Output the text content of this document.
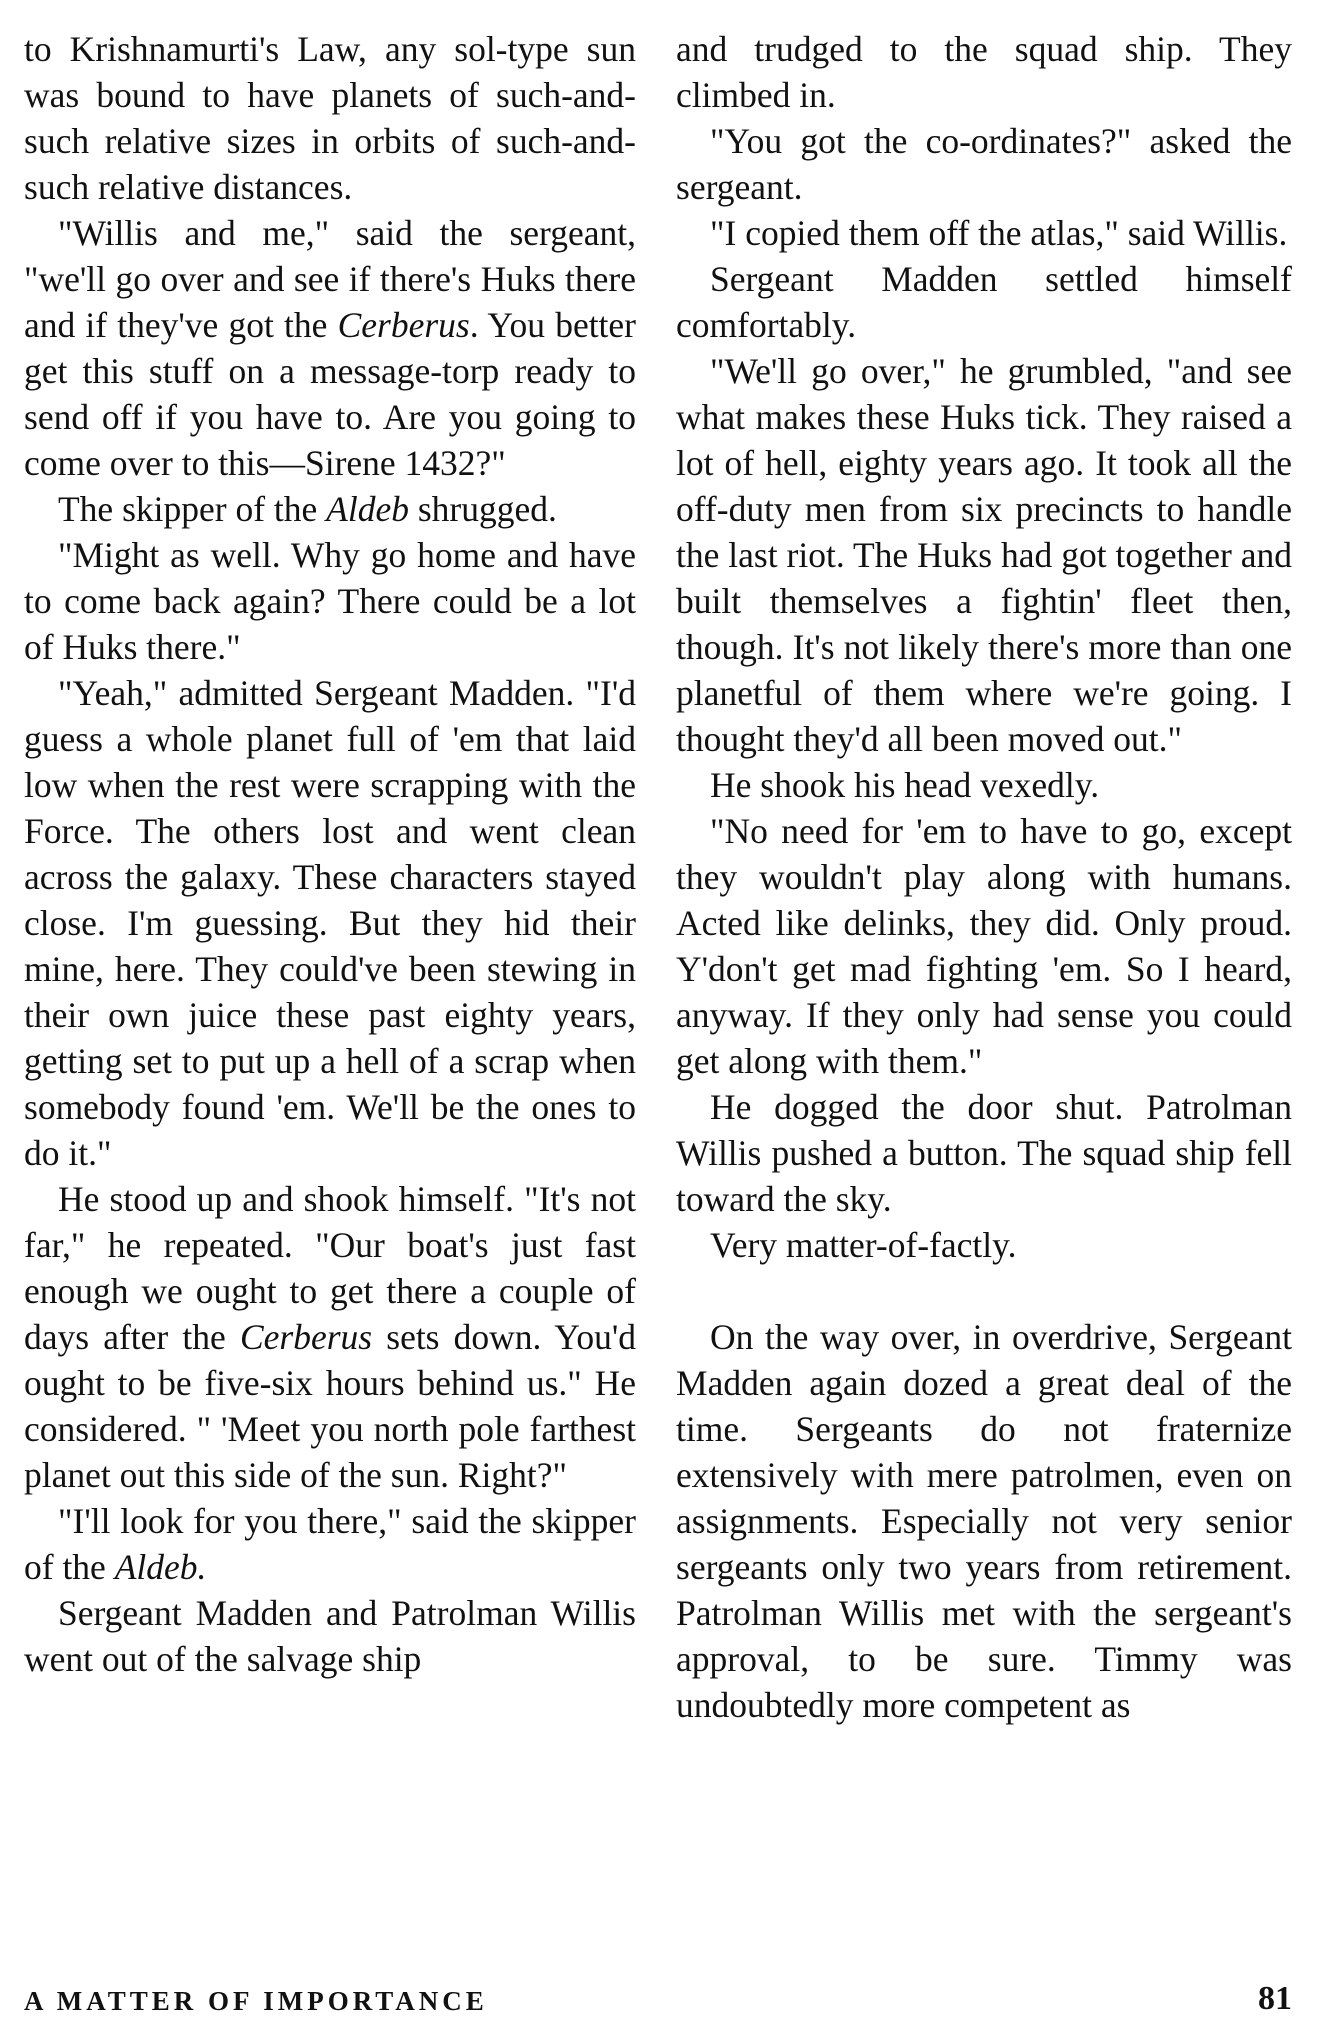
to Krishnamurti's Law, any sol-type sun was bound to have planets of such-and-such relative sizes in orbits of such-and-such relative distances.

"Willis and me," said the sergeant, "we'll go over and see if there's Huks there and if they've got the Cerberus. You better get this stuff on a message-torp ready to send off if you have to. Are you going to come over to this—Sirene 1432?"

The skipper of the Aldeb shrugged.

"Might as well. Why go home and have to come back again? There could be a lot of Huks there."

"Yeah," admitted Sergeant Madden. "I'd guess a whole planet full of 'em that laid low when the rest were scrapping with the Force. The others lost and went clean across the galaxy. These characters stayed close. I'm guessing. But they hid their mine, here. They could've been stewing in their own juice these past eighty years, getting set to put up a hell of a scrap when somebody found 'em. We'll be the ones to do it."

He stood up and shook himself. "It's not far," he repeated. "Our boat's just fast enough we ought to get there a couple of days after the Cerberus sets down. You'd ought to be five-six hours behind us." He considered. " 'Meet you north pole farthest planet out this side of the sun. Right?"

"I'll look for you there," said the skipper of the Aldeb.

Sergeant Madden and Patrolman Willis went out of the salvage ship

and trudged to the squad ship. They climbed in.

"You got the co-ordinates?" asked the sergeant.

"I copied them off the atlas," said Willis.

Sergeant Madden settled himself comfortably.

"We'll go over," he grumbled, "and see what makes these Huks tick. They raised a lot of hell, eighty years ago. It took all the off-duty men from six precincts to handle the last riot. The Huks had got together and built themselves a fightin' fleet then, though. It's not likely there's more than one planetful of them where we're going. I thought they'd all been moved out."

He shook his head vexedly.

"No need for 'em to have to go, except they wouldn't play along with humans. Acted like delinks, they did. Only proud. Y'don't get mad fighting 'em. So I heard, anyway. If they only had sense you could get along with them."

He dogged the door shut. Patrolman Willis pushed a button. The squad ship fell toward the sky.

Very matter-of-factly.

On the way over, in overdrive, Sergeant Madden again dozed a great deal of the time. Sergeants do not fraternize extensively with mere patrolmen, even on assignments. Especially not very senior sergeants only two years from retirement. Patrolman Willis met with the sergeant's approval, to be sure. Timmy was undoubtedly more competent as

A MATTER OF IMPORTANCE	81
